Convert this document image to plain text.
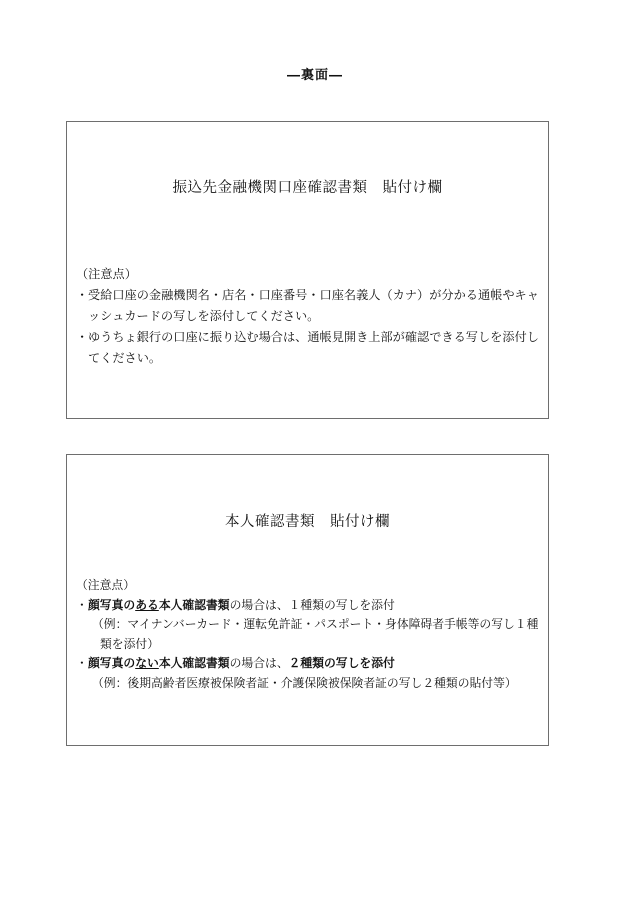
―裏面―
振込先金融機関口座確認書類　貼付け欄

（注意点）

・ 受給口座の金融機関名・店名・口座番号・口座名義人（カナ）が分かる通帳やキャッシュカードの写しを添付してください。

・ ゆうちょ銀行の口座に振り込む場合は、通帳見開き上部が確認できる写しを添付してください。

本人確認書類　貼付け欄

（注意点）

・ 顔写真のある本人確認書類の場合は、１種類の写しを添付

（例：マイナンバーカード・運転免許証・パスポート・身体障碍者手帳等の写し１種類を添付）

・ 顔写真のない本人確認書類の場合は、２種類の写しを添付

（例：後期高齢者医療被保険者証・介護保険被保険者証の写し２種類の貼付等）
